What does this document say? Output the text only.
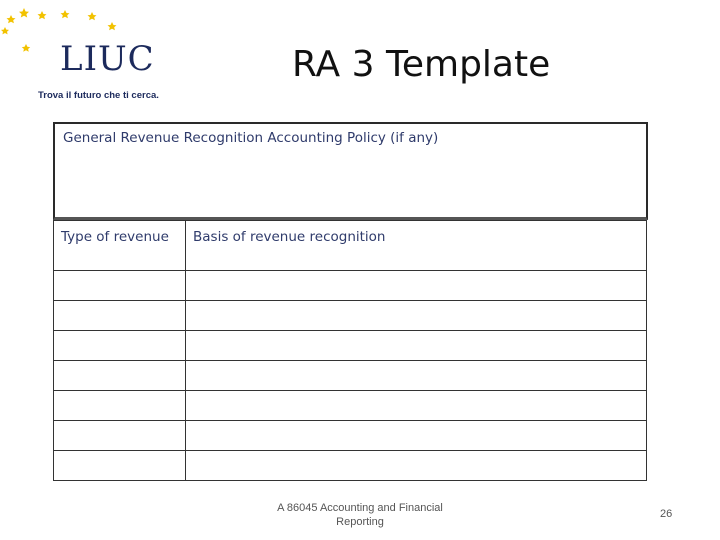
LIUC
Trova il futuro che ti cerca.
RA 3 Template
General Revenue Recognition Accounting Policy (if any)
Type of revenue	Basis of revenue recognition

A 86045 Accounting and Financial Reporting
26
